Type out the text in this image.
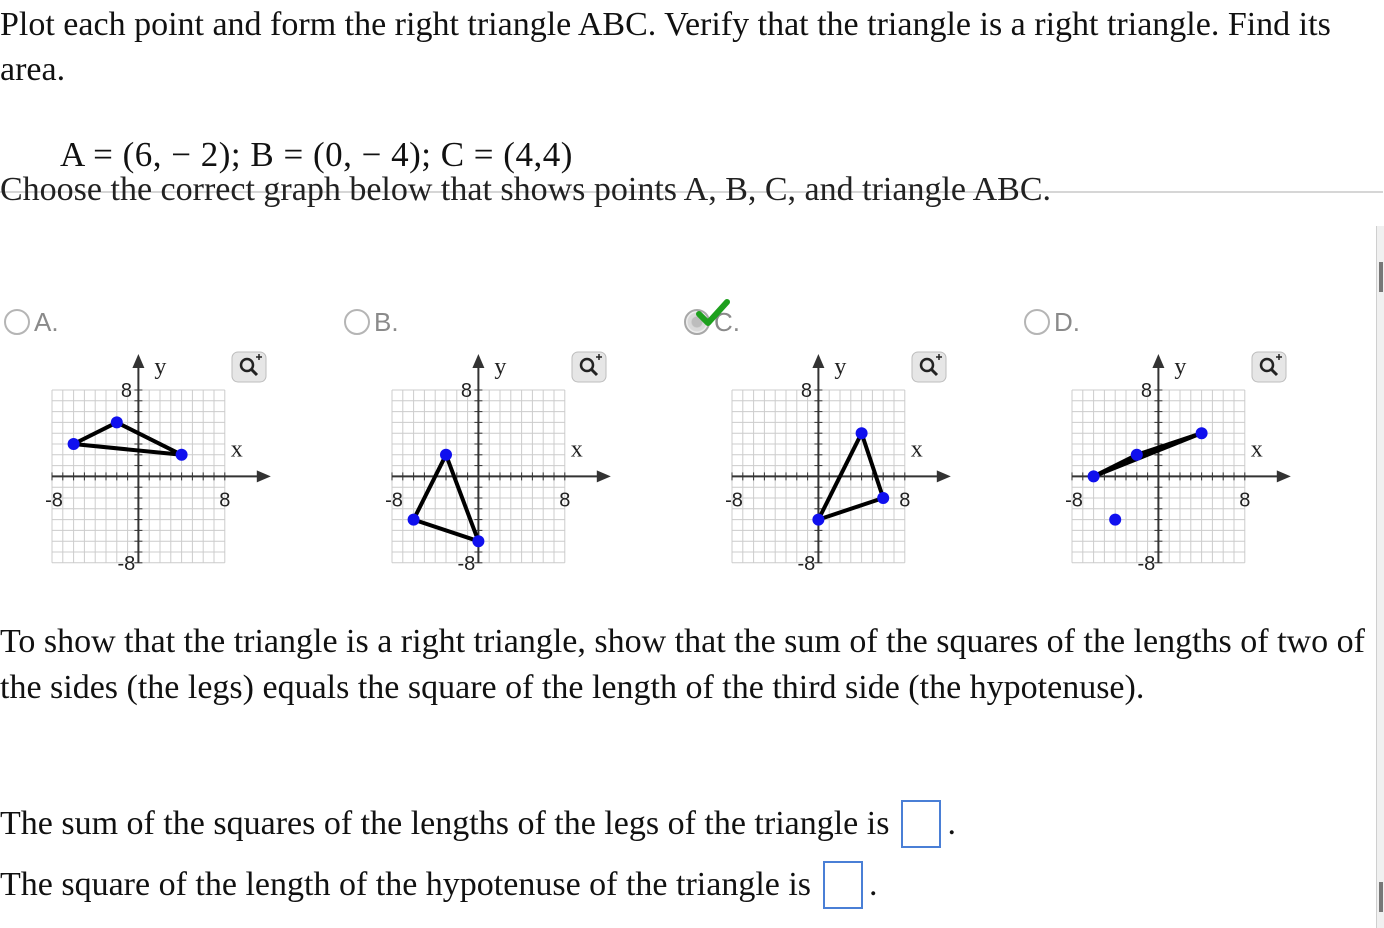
Plot each point and form the right triangle ABC. Verify that the triangle is a right triangle. Find its area.
A = (6, − 2); B = (0, − 4); C = (4,4)
Choose the correct graph below that shows points A, B, C, and triangle ABC.
A.
-8	8
8
-8
x
y
B.
-8	8
8
-8
x
y
C.
-8	8
8
-8
x
y
D.
-8	8
8
-8
x
y
To show that the triangle is a right triangle, show that the sum of the squares of the lengths of two of the sides (the legs) equals the square of the length of the third side (the hypotenuse).
The sum of the squares of the lengths of the legs of the triangle is .
The square of the length of the hypotenuse of the triangle is .
